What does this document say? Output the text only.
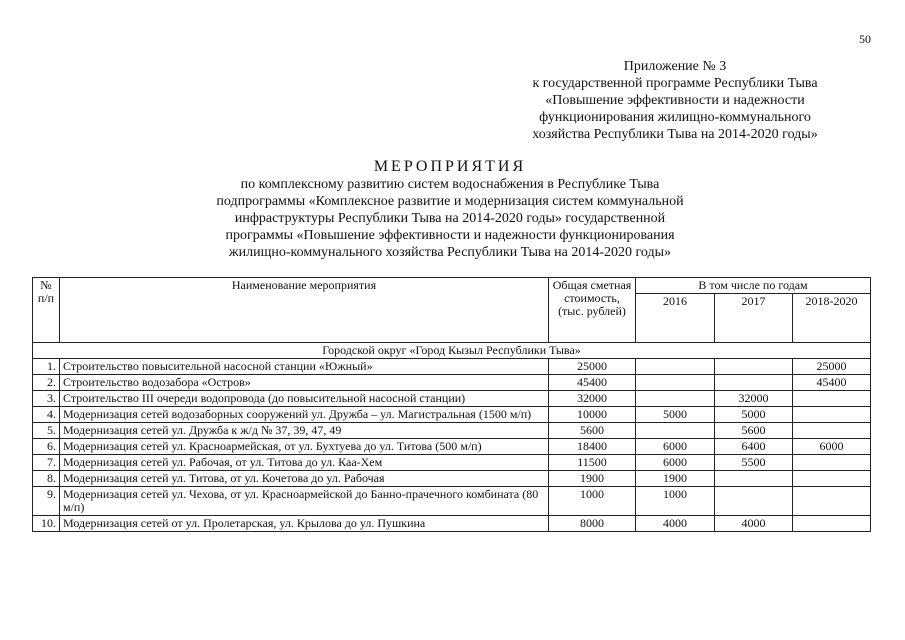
50
Приложение № 3
к государственной программе Республики Тыва
«Повышение эффективности и надежности
функционирования жилищно-коммунального
хозяйства Республики Тыва на 2014-2020 годы»
МЕРОПРИЯТИЯ
по комплексному развитию систем водоснабжения в Республике Тыва
подпрограммы «Комплексное развитие и модернизация систем коммунальной
инфраструктуры Республики Тыва на 2014-2020 годы» государственной
программы «Повышение эффективности и надежности функционирования
жилищно-коммунального хозяйства Республики Тыва на 2014-2020 годы»
№ п/п	Наименование мероприятия	Общая сметная стоимость, (тыс. рублей)	В том числе по годам		
			2016	2017	2018-2020
Городской округ «Город Кызыл Республики Тыва»					
1.	Строительство повысительной насосной станции «Южный»	25000			25000
2.	Строительство водозабора «Остров»	45400			45400
3.	Строительство III очереди водопровода (до повысительной насосной станции)	32000		32000	
4.	Модернизация сетей водозаборных сооружений ул. Дружба – ул. Магистральная (1500 м/п)	10000	5000	5000	
5.	Модернизация сетей ул. Дружба к ж/д № 37, 39, 47, 49	5600		5600	
6.	Модернизация сетей ул. Красноармейская, от ул. Бухтуева до ул. Титова (500 м/п)	18400	6000	6400	6000
7.	Модернизация сетей ул. Рабочая, от ул. Титова до ул. Каа-Хем	11500	6000	5500	
8.	Модернизация сетей ул. Титова, от ул. Кочетова до ул. Рабочая	1900	1900		
9.	Модернизация сетей ул. Чехова, от ул. Красноармейской до Банно-прачечного комбината (80 м/п)	1000	1000		
10.	Модернизация сетей от ул. Пролетарская, ул. Крылова до ул. Пушкина	8000	4000	4000	
